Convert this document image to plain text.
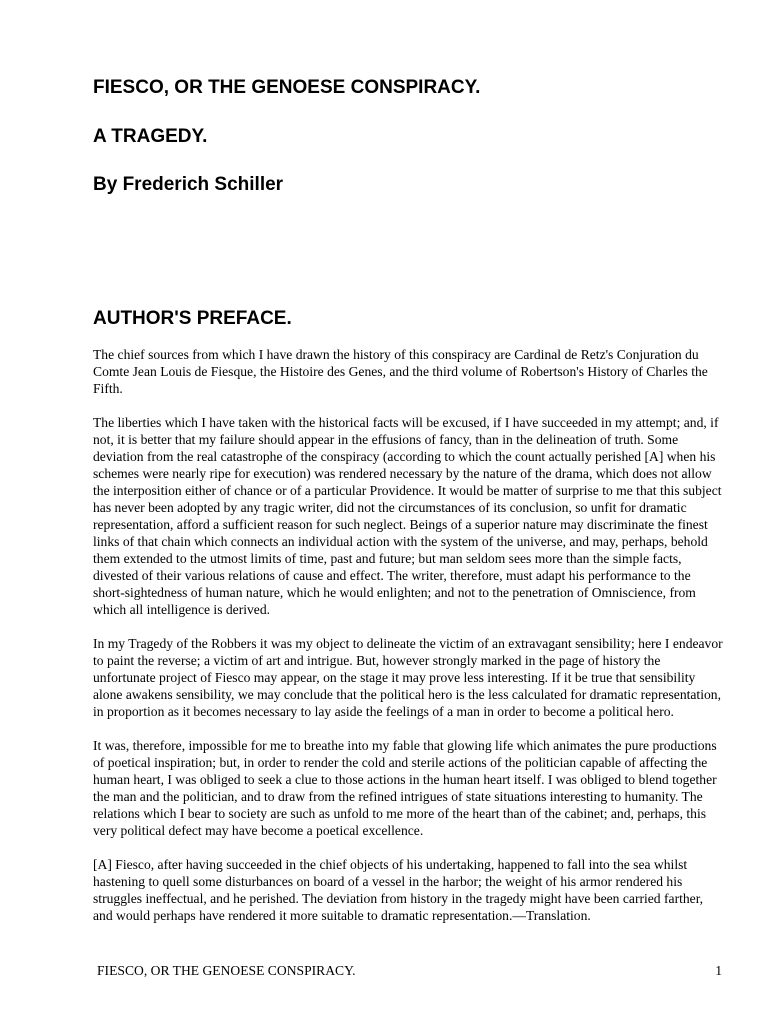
FIESCO, OR THE GENOESE CONSPIRACY.
A TRAGEDY.
By Frederich Schiller
AUTHOR'S PREFACE.

The chief sources from which I have drawn the history of this conspiracy are Cardinal de Retz's Conjuration du Comte Jean Louis de Fiesque, the Histoire des Genes, and the third volume of Robertson's History of Charles the Fifth.

The liberties which I have taken with the historical facts will be excused, if I have succeeded in my attempt; and, if not, it is better that my failure should appear in the effusions of fancy, than in the delineation of truth. Some deviation from the real catastrophe of the conspiracy (according to which the count actually perished [A] when his schemes were nearly ripe for execution) was rendered necessary by the nature of the drama, which does not allow the interposition either of chance or of a particular Providence. It would be matter of surprise to me that this subject has never been adopted by any tragic writer, did not the circumstances of its conclusion, so unfit for dramatic representation, afford a sufficient reason for such neglect. Beings of a superior nature may discriminate the finest links of that chain which connects an individual action with the system of the universe, and may, perhaps, behold them extended to the utmost limits of time, past and future; but man seldom sees more than the simple facts, divested of their various relations of cause and effect. The writer, therefore, must adapt his performance to the short-sightedness of human nature, which he would enlighten; and not to the penetration of Omniscience, from which all intelligence is derived.

In my Tragedy of the Robbers it was my object to delineate the victim of an extravagant sensibility; here I endeavor to paint the reverse; a victim of art and intrigue. But, however strongly marked in the page of history the unfortunate project of Fiesco may appear, on the stage it may prove less interesting. If it be true that sensibility alone awakens sensibility, we may conclude that the political hero is the less calculated for dramatic representation, in proportion as it becomes necessary to lay aside the feelings of a man in order to become a political hero.

It was, therefore, impossible for me to breathe into my fable that glowing life which animates the pure productions of poetical inspiration; but, in order to render the cold and sterile actions of the politician capable of affecting the human heart, I was obliged to seek a clue to those actions in the human heart itself. I was obliged to blend together the man and the politician, and to draw from the refined intrigues of state situations interesting to humanity. The relations which I bear to society are such as unfold to me more of the heart than of the cabinet; and, perhaps, this very political defect may have become a poetical excellence.

[A] Fiesco, after having succeeded in the chief objects of his undertaking, happened to fall into the sea whilst hastening to quell some disturbances on board of a vessel in the harbor; the weight of his armor rendered his struggles ineffectual, and he perished. The deviation from history in the tragedy might have been carried farther, and would perhaps have rendered it more suitable to dramatic representation.—Translation.

FIESCO, OR THE GENOESE CONSPIRACY.	1
